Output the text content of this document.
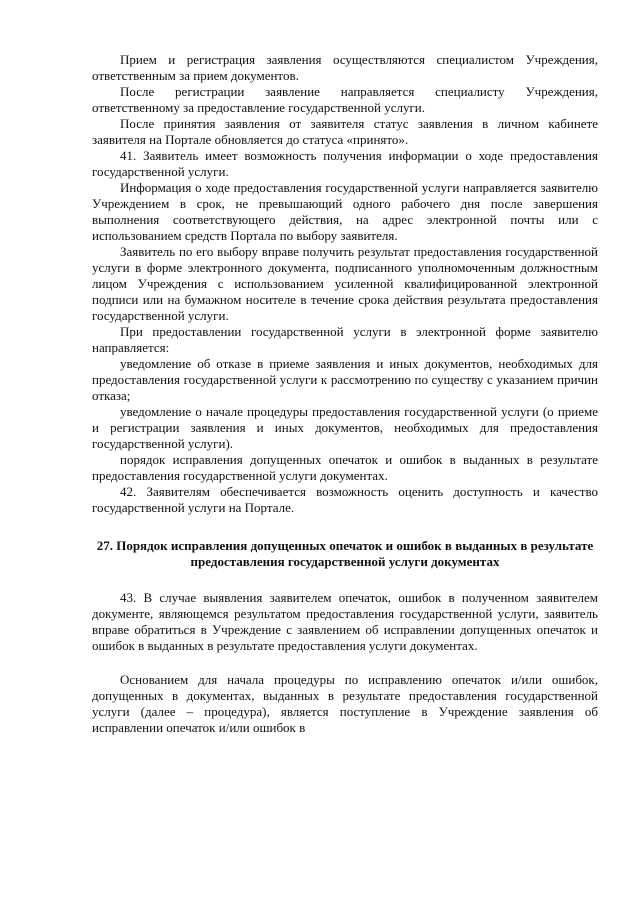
Прием и регистрация заявления осуществляются специалистом Учреждения, ответственным за прием документов.

После регистрации заявление направляется специалисту Учреждения, ответственному за предоставление государственной услуги.

После принятия заявления от заявителя статус заявления в личном кабинете заявителя на Портале обновляется до статуса «принято».

41. Заявитель имеет возможность получения информации о ходе предоставления государственной услуги.

Информация о ходе предоставления государственной услуги направляется заявителю Учреждением в срок, не превышающий одного рабочего дня после завершения выполнения соответствующего действия, на адрес электронной почты или с использованием средств Портала по выбору заявителя.

Заявитель по его выбору вправе получить результат предоставления государственной услуги в форме электронного документа, подписанного уполномоченным должностным лицом Учреждения с использованием усиленной квалифицированной электронной подписи или на бумажном носителе в течение срока действия результата предоставления государственной услуги.

При предоставлении государственной услуги в электронной форме заявителю направляется:

уведомление об отказе в приеме заявления и иных документов, необходимых для предоставления государственной услуги к рассмотрению по существу с указанием причин отказа;

уведомление о начале процедуры предоставления государственной услуги (о приеме и регистрации заявления и иных документов, необходимых для предоставления государственной услуги).

порядок исправления допущенных опечаток и ошибок в выданных в результате предоставления государственной услуги документах.

42. Заявителям обеспечивается возможность оценить доступность и качество государственной услуги на Портале.

27. Порядок исправления допущенных опечаток и ошибок в выданных в результате предоставления государственной услуги документах

43. В случае выявления заявителем опечаток, ошибок в полученном заявителем документе, являющемся результатом предоставления государственной услуги, заявитель вправе обратиться в Учреждение с заявлением об исправлении допущенных опечаток и ошибок в выданных в результате предоставления услуги документах.

Основанием для начала процедуры по исправлению опечаток и/или ошибок, допущенных в документах, выданных в результате предоставления государственной услуги (далее – процедура), является поступление в Учреждение заявления об исправлении опечаток и/или ошибок в
